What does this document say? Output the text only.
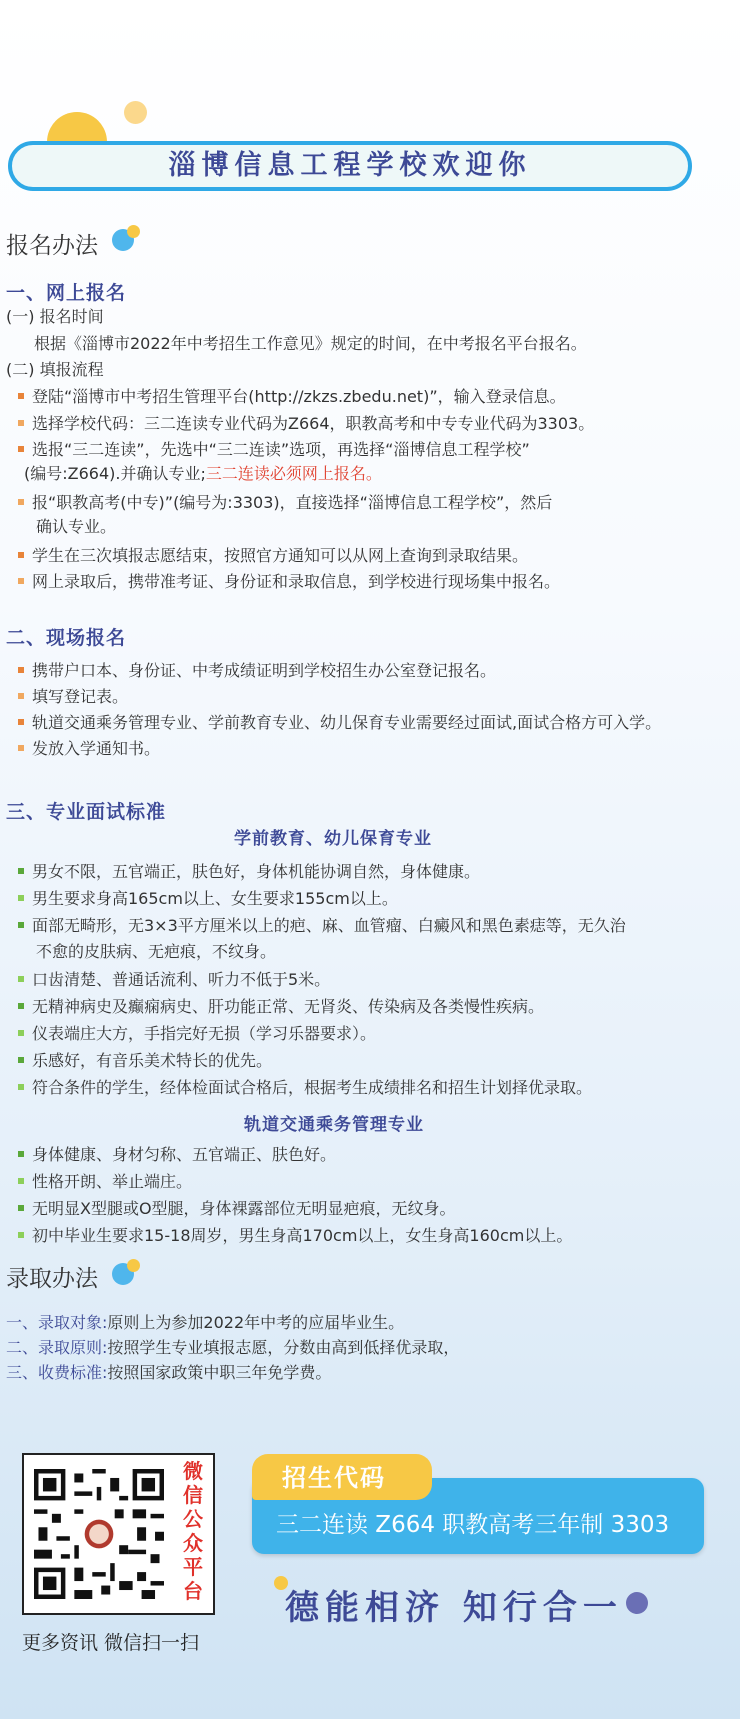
淄博信息工程学校欢迎你
报名办法
一、网上报名
(一) 报名时间
根据《淄博市2022年中考招生工作意见》规定的时间，在中考报名平台报名。
(二) 填报流程
登陆“淄博市中考招生管理平台(http://zkzs.zbedu.net)”，输入登录信息。
选择学校代码：三二连读专业代码为Z664，职教高考和中专专业代码为3303。
选报“三二连读”，先选中“三二连读”选项，再选择“淄博信息工程学校”
(编号:Z664).并确认专业;三二连读必须网上报名。
报“职教高考(中专)”(编号为:3303)，直接选择“淄博信息工程学校”，然后
确认专业。
学生在三次填报志愿结束，按照官方通知可以从网上查询到录取结果。
网上录取后，携带准考证、身份证和录取信息，到学校进行现场集中报名。
二、现场报名
携带户口本、身份证、中考成绩证明到学校招生办公室登记报名。
填写登记表。
轨道交通乘务管理专业、学前教育专业、幼儿保育专业需要经过面试,面试合格方可入学。
发放入学通知书。
三、专业面试标准
学前教育、幼儿保育专业
男女不限，五官端正，肤色好，身体机能协调自然，身体健康。
男生要求身高165cm以上、女生要求155cm以上。
面部无畸形，无3×3平方厘米以上的疤、麻、血管瘤、白癜风和黑色素痣等，无久治
不愈的皮肤病、无疤痕，不纹身。
口齿清楚、普通话流利、听力不低于5米。
无精神病史及癫痫病史、肝功能正常、无肾炎、传染病及各类慢性疾病。
仪表端庄大方，手指完好无损（学习乐器要求）。
乐感好，有音乐美术特长的优先。
符合条件的学生，经体检面试合格后，根据考生成绩排名和招生计划择优录取。
轨道交通乘务管理专业
身体健康、身材匀称、五官端正、肤色好。
性格开朗、举止端庄。
无明显X型腿或O型腿，身体裸露部位无明显疤痕，无纹身。
初中毕业生要求15-18周岁，男生身高170cm以上，女生身高160cm以上。
录取办法
一、录取对象:原则上为参加2022年中考的应届毕业生。
二、录取原则:按照学生专业填报志愿，分数由高到低择优录取，
三、收费标准:按照国家政策中职三年免学费。
微信公众平台
更多资讯 微信扫一扫
招生代码
三二连读 Z664 职教高考三年制 3303
德能相济 知行合一
